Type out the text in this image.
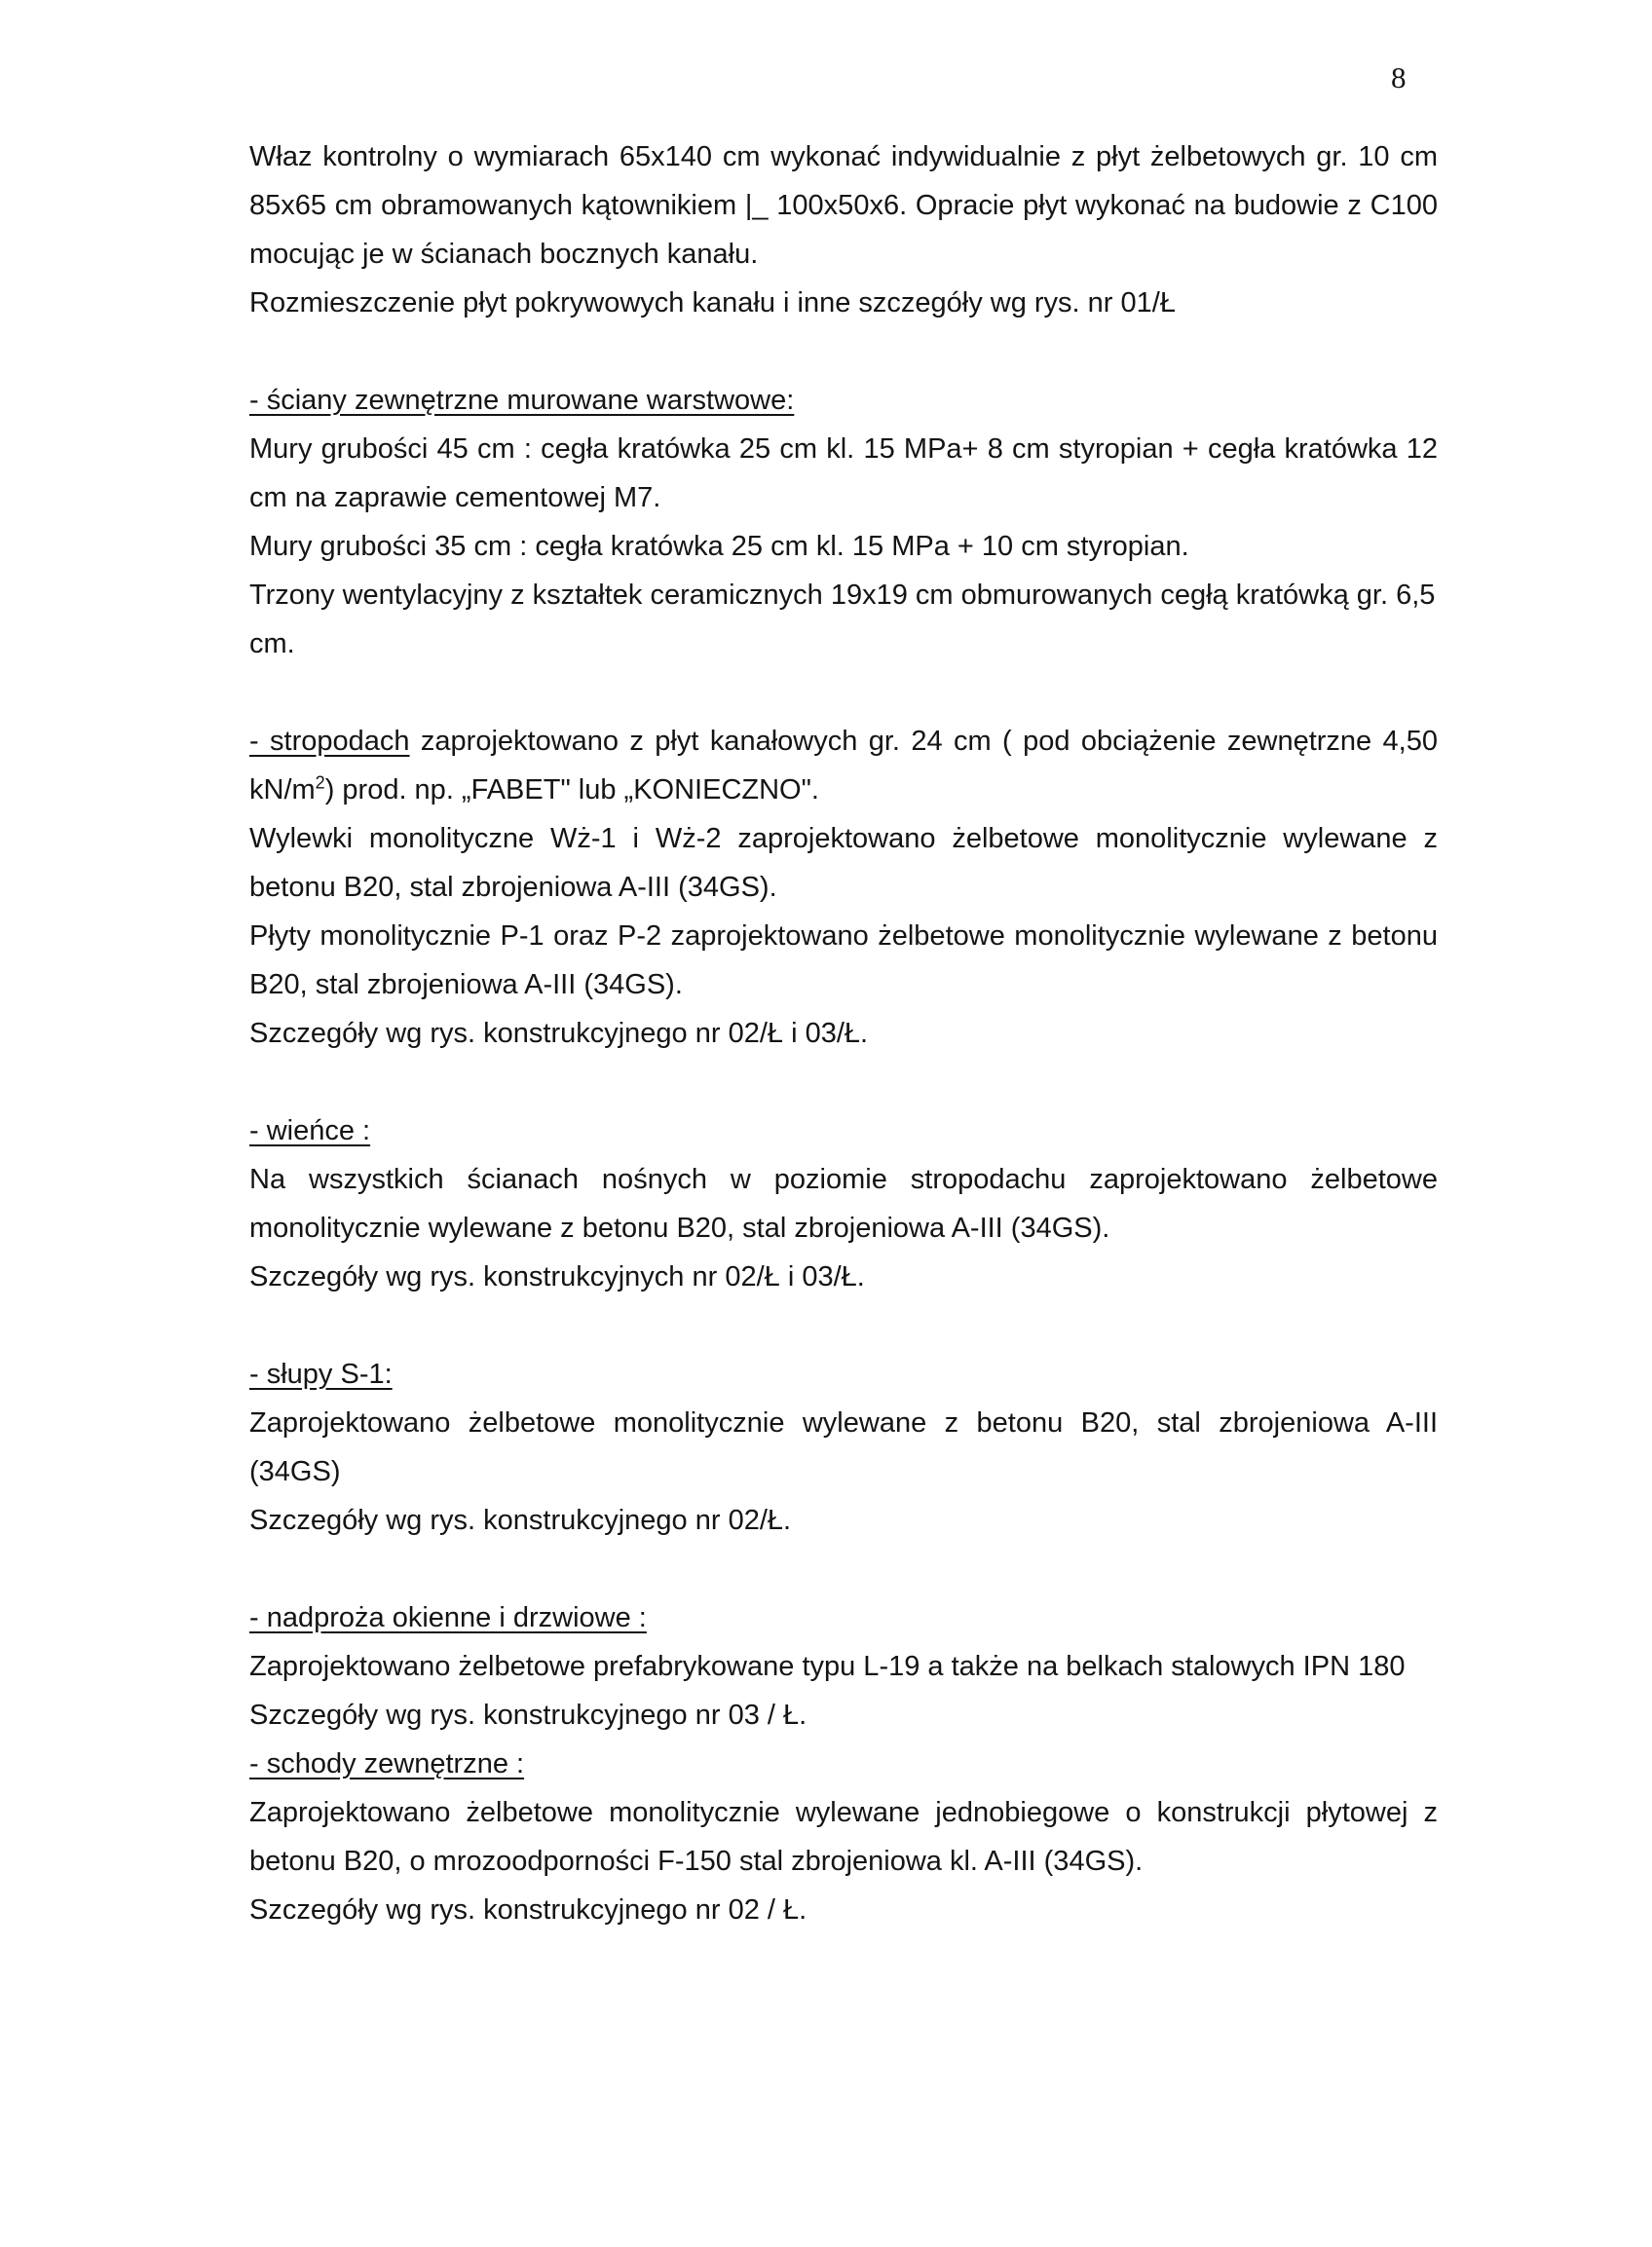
8

Właz kontrolny o wymiarach 65x140 cm wykonać indywidualnie z płyt żelbetowych gr. 10 cm 85x65 cm obramowanych kątownikiem |_ 100x50x6. Opracie płyt wykonać na budowie z C100 mocując je w ścianach bocznych kanału.

Rozmieszczenie płyt pokrywowych kanału i inne szczegóły wg rys. nr 01/Ł

- ściany zewnętrzne murowane warstwowe:

Mury grubości 45 cm : cegła kratówka 25 cm kl. 15 MPa+ 8 cm styropian + cegła kratówka 12 cm na zaprawie cementowej M7.

Mury grubości 35 cm : cegła kratówka 25 cm kl. 15 MPa + 10 cm styropian.

Trzony wentylacyjny z kształtek ceramicznych 19x19 cm obmurowanych cegłą kratówką gr. 6,5 cm.

- stropodach zaprojektowano z płyt kanałowych gr. 24 cm ( pod obciążenie zewnętrzne 4,50 $kN/m^2$) prod. np. „FABET" lub „KONIECZNO".

Wylewki monolityczne Wż-1 i Wż-2 zaprojektowano żelbetowe monolitycznie wylewane z betonu B20, stal zbrojeniowa A-III (34GS).

Płyty monolitycznie P-1 oraz P-2 zaprojektowano żelbetowe monolitycznie wylewane z betonu B20, stal zbrojeniowa A-III (34GS).

Szczegóły wg rys. konstrukcyjnego nr 02/Ł i 03/Ł.

- wieńce :

Na wszystkich ścianach nośnych w poziomie stropodachu zaprojektowano żelbetowe monolitycznie wylewane z betonu B20, stal zbrojeniowa A-III (34GS).

Szczegóły wg rys. konstrukcyjnych nr 02/Ł i 03/Ł.

- słupy S-1:

Zaprojektowano żelbetowe monolitycznie wylewane z betonu B20, stal zbrojeniowa A-III (34GS)

Szczegóły wg rys. konstrukcyjnego nr 02/Ł.

- nadproża okienne i drzwiowe :

Zaprojektowano żelbetowe prefabrykowane typu L-19 a także na belkach stalowych IPN 180

Szczegóły wg rys. konstrukcyjnego nr 03 / Ł.

- schody zewnętrzne :

Zaprojektowano żelbetowe monolitycznie wylewane jednobiegowe o konstrukcji płytowej z betonu B20, o mrozoodporności F-150 stal zbrojeniowa kl. A-III (34GS).

Szczegóły wg rys. konstrukcyjnego nr 02 / Ł.
